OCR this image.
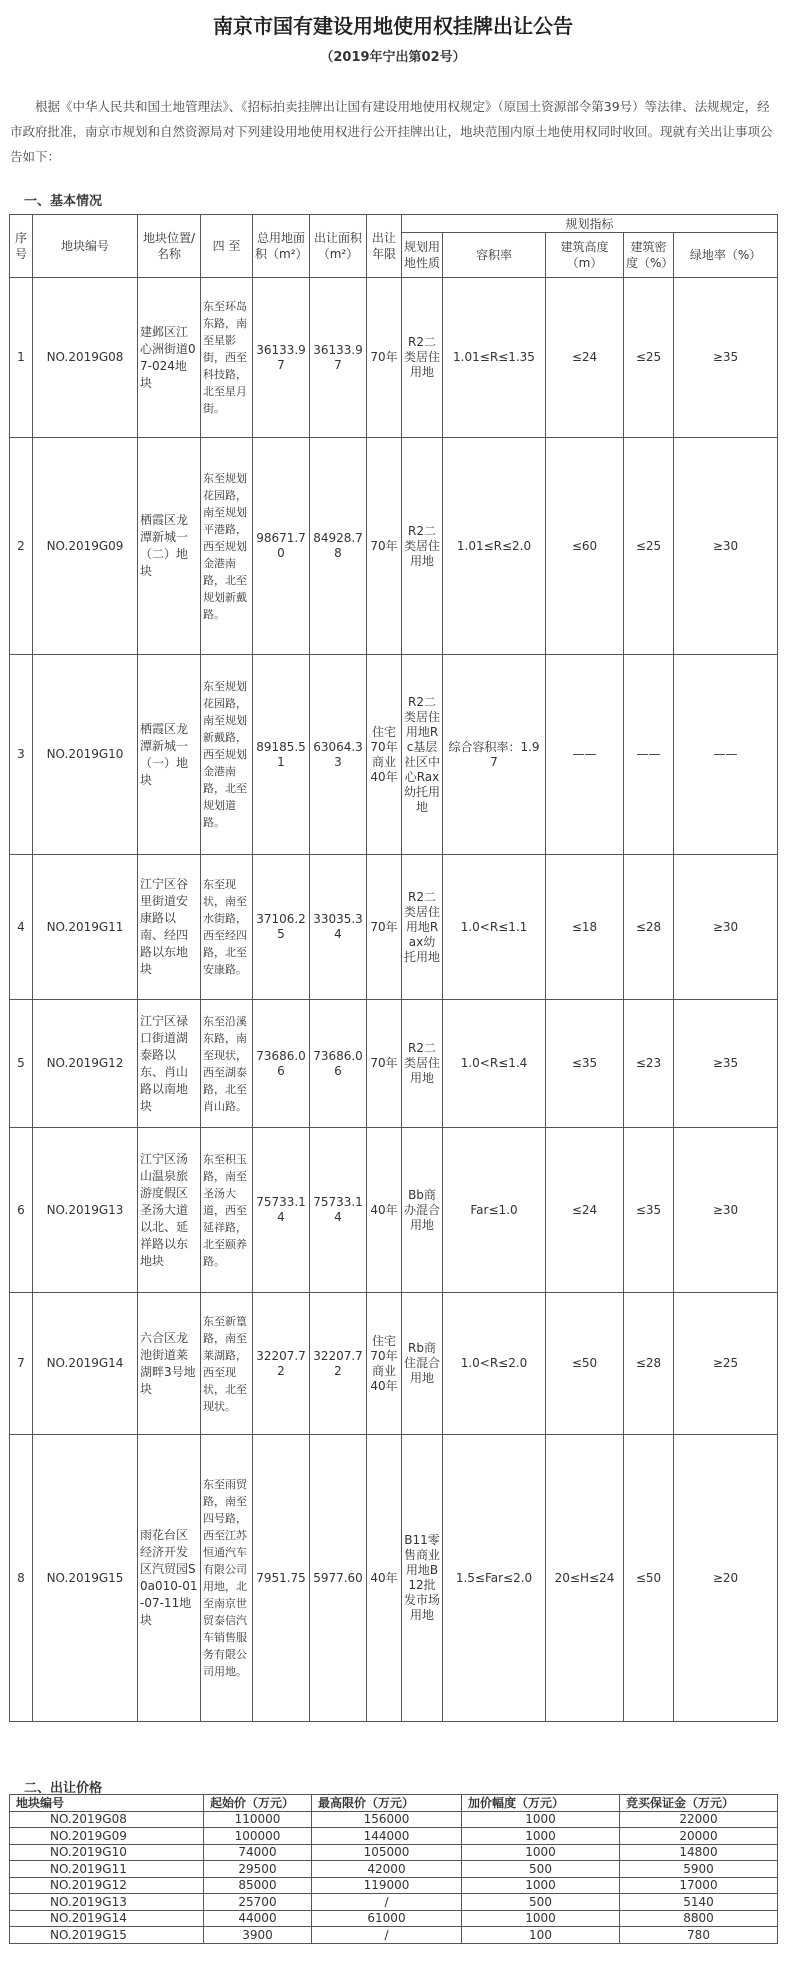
南京市国有建设用地使用权挂牌出让公告
（2019年宁出第02号）

根据《中华人民共和国土地管理法》、《招标拍卖挂牌出让国有建设用地使用权规定》（原国土资源部令第39号）等法律、法规规定，经市政府批准，南京市规划和自然资源局对下列建设用地使用权进行公开挂牌出让，地块范围内原土地使用权同时收回。现就有关出让事项公告如下：

一、基本情况
序号	地块编号	地块位置/名称	四 至	总用地面积（m²）	出让面积（m²）	出让年限	规划指标				
							规划用地性质	容积率	建筑高度（m）	建筑密度（%）	绿地率（%）
1	NO.2019G08	建邺区江心洲街道07-024地块	东至环岛东路，南至星影街，西至科技路，北至星月街。	36133.97	36133.97	70年	R2二类居住用地	1.01≤R≤1.35	≤24	≤25	≥35
2	NO.2019G09	栖霞区龙潭新城一（二）地块	东至规划花园路，南至规划平港路，西至规划金港南路，北至规划新戴路。	98671.70	84928.78	70年	R2二类居住用地	1.01≤R≤2.0	≤60	≤25	≥30
3	NO.2019G10	栖霞区龙潭新城一（一）地块	东至规划花园路，南至规划新戴路，西至规划金港南路，北至规划道路。	89185.51	63064.33	住宅70年商业40年	R2二类居住用地Rc基层社区中心Rax幼托用地	综合容积率：1.97	——	——	——
4	NO.2019G11	江宁区谷里街道安康路以南、经四路以东地块	东至现状，南至水街路，西至经四路，北至安康路。	37106.25	33035.34	70年	R2二类居住用地Rax幼托用地	1.0<R≤1.1	≤18	≤28	≥30
5	NO.2019G12	江宁区禄口街道湖泰路以东、肖山路以南地块	东至沿溪东路，南至现状，西至湖泰路，北至肖山路。	73686.06	73686.06	70年	R2二类居住用地	1.0<R≤1.4	≤35	≤23	≥35
6	NO.2019G13	江宁区汤山温泉旅游度假区圣汤大道以北、延祥路以东地块	东至积玉路，南至圣汤大道，西至延祥路，北至颐养路。	75733.14	75733.14	40年	Bb商办混合用地	Far≤1.0	≤24	≤35	≥30
7	NO.2019G14	六合区龙池街道莱湖畔3号地块	东至新篁路，南至莱湖路，西至现状，北至现状。	32207.72	32207.72	住宅70年商业40年	Rb商住混合用地	1.0<R≤2.0	≤50	≤28	≥25
8	NO.2019G15	雨花台区经济开发区汽贸园S0a010-01-07-11地块	东至雨贸路，南至四号路，西至江苏恒通汽车有限公司用地，北至南京世贸泰信汽车销售服务有限公司用地。	7951.75	5977.60	40年	B11零售商业用地B12批发市场用地	1.5≤Far≤2.0	20≤H≤24	≤50	≥20
二、出让价格
地块编号	起始价（万元）	最高限价（万元）	加价幅度（万元）	竞买保证金（万元）
NO.2019G08	110000	156000	1000	22000
NO.2019G09	100000	144000	1000	20000
NO.2019G10	74000	105000	1000	14800
NO.2019G11	29500	42000	500	5900
NO.2019G12	85000	119000	1000	17000
NO.2019G13	25700	/	500	5140
NO.2019G14	44000	61000	1000	8800
NO.2019G15	3900	/	100	780
